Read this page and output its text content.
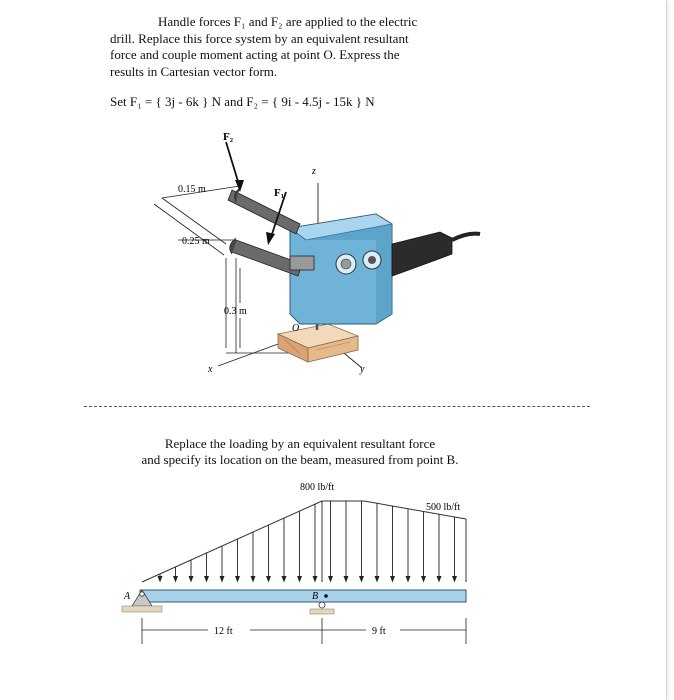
Handle forces F₁ and F₂ are applied to the electric
drill. Replace this force system by an equivalent resultant
force and couple moment acting at point O. Express the
results in Cartesian vector form.
Set F₁ = { 3j - 6k } N and F₂ = { 9i - 4.5j - 15k } N
F₂
F₁
z
0.15 m
0.25 m
0.3 m
O
x	y
Replace the loading by an equivalent resultant force
and specify its location on the beam, measured from point B.
800 lb/ft
500 lb/ft
A	B
12 ft	9 ft
